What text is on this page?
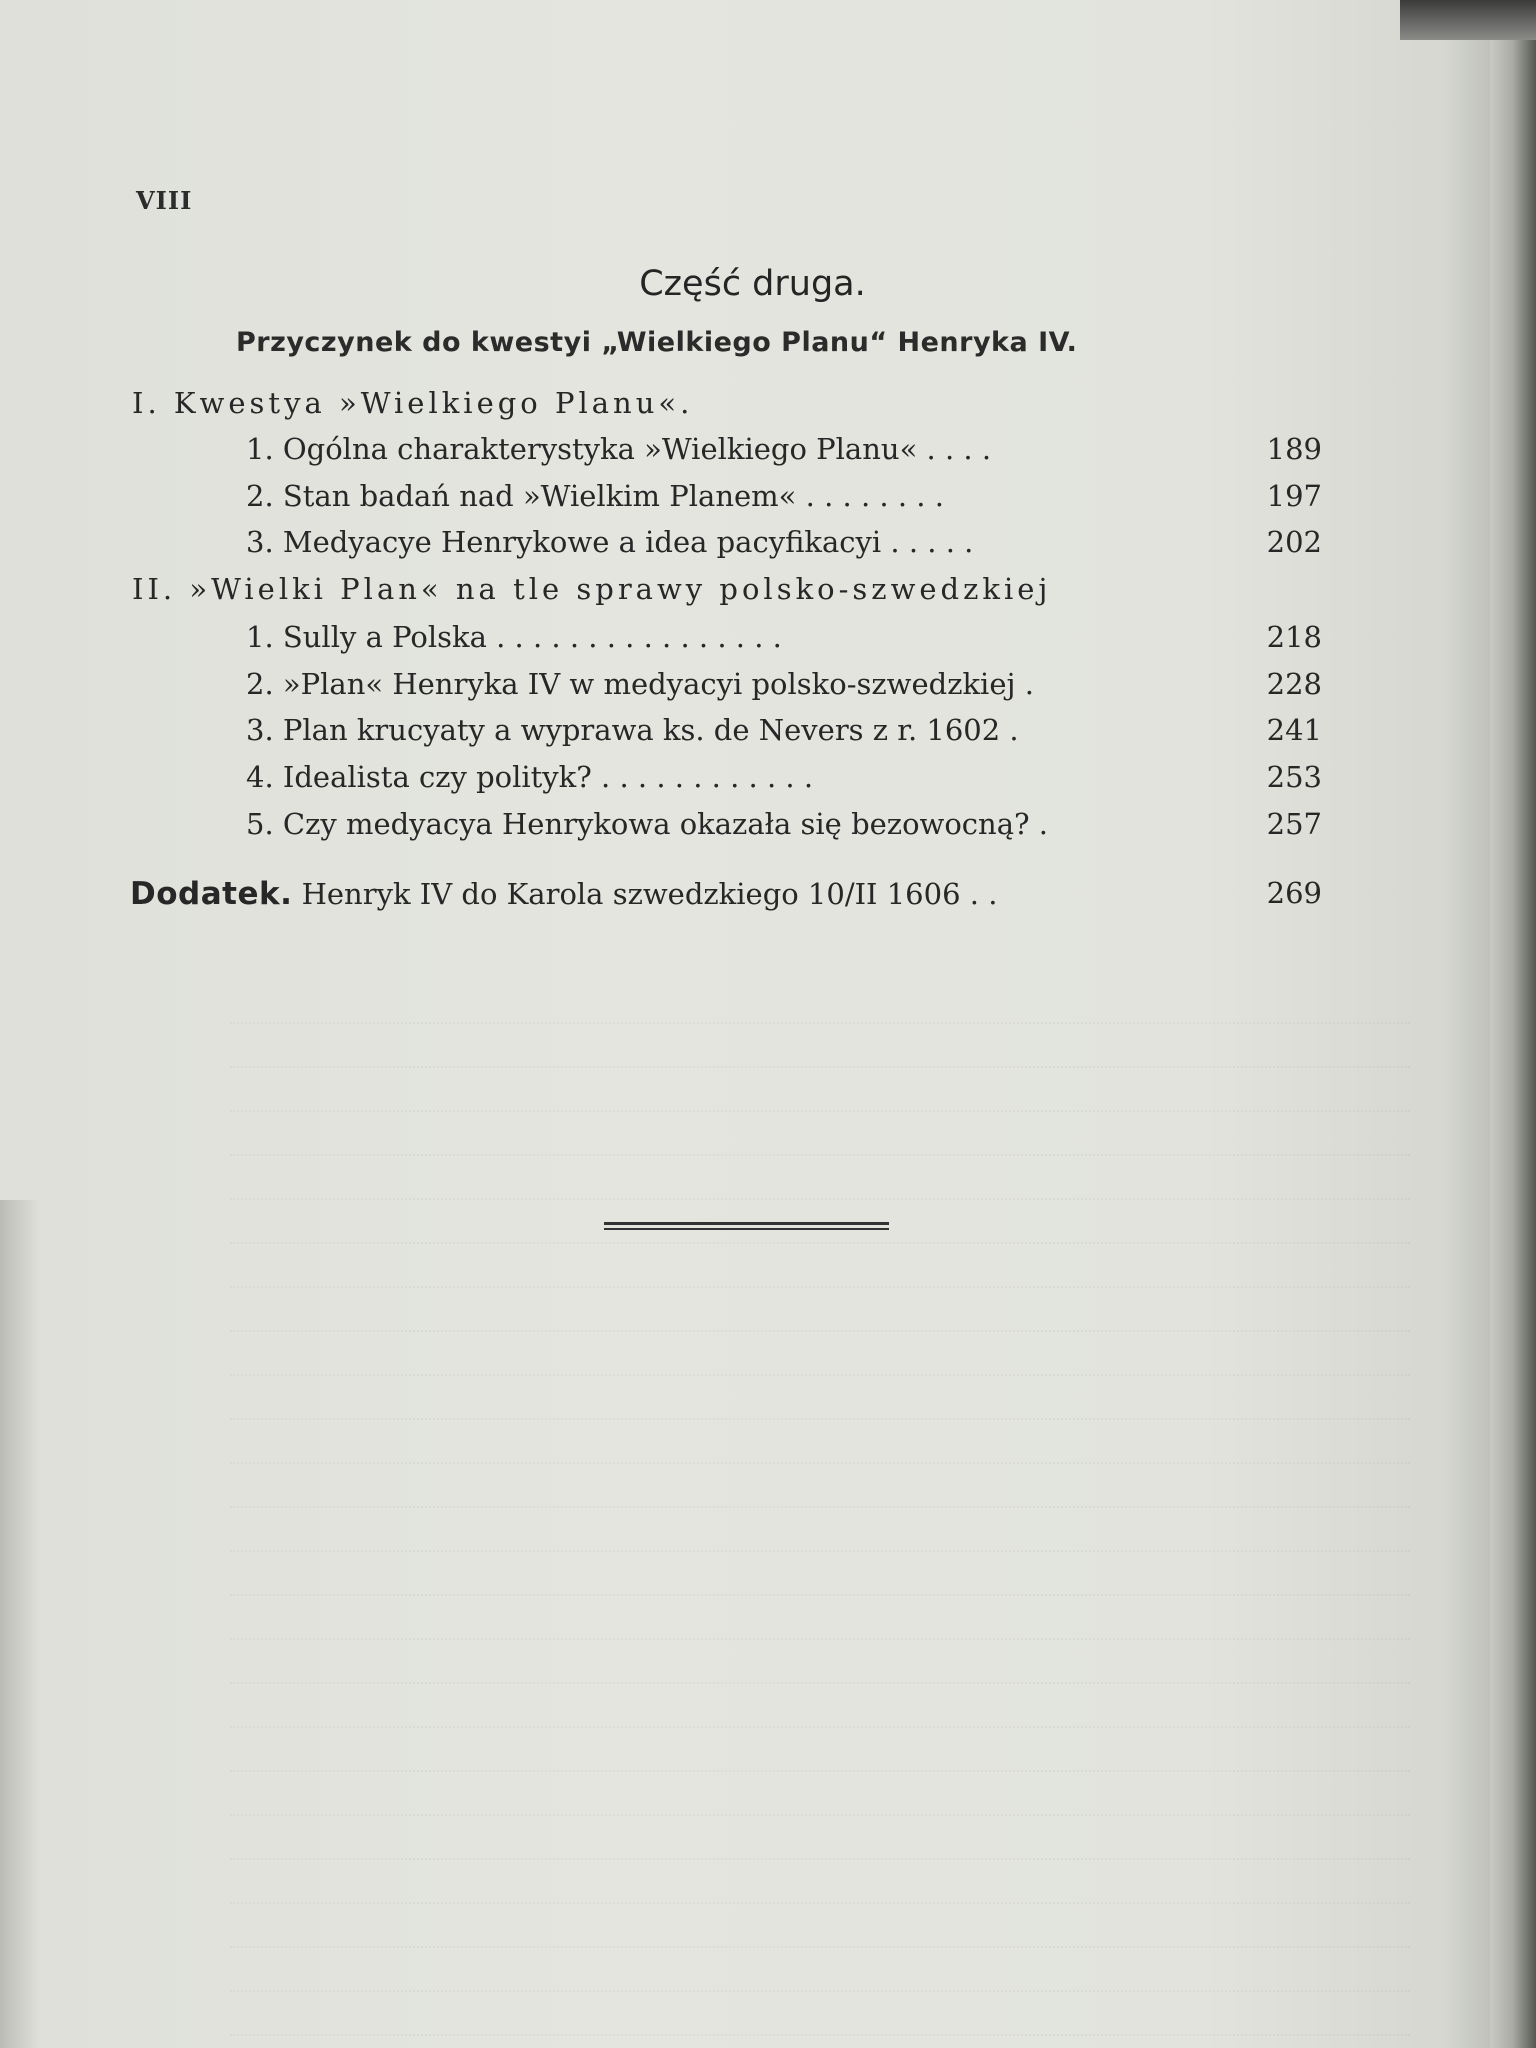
VIII
Część druga.
Przyczynek do kwestyi „Wielkiego Planu“ Henryka IV.
I. Kwestya »Wielkiego Planu«.
1. Ogólna charakterystyka »Wielkiego Planu« . . . .	189
2. Stan badań nad »Wielkim Planem« . . . . . . . .	197
3. Medyacye Henrykowe a idea pacyfikacyi . . . . .	202
II. »Wielki Plan« na tle sprawy polsko-szwedzkiej
1. Sully a Polska . . . . . . . . . . . . . . . .	218
2. »Plan« Henryka IV w medyacyi polsko-szwedzkiej .	228
3. Plan krucyaty a wyprawa ks. de Nevers z r. 1602 .	241
4. Idealista czy polityk? . . . . . . . . . . . .	253
5. Czy medyacya Henrykowa okazała się bezowocną? .	257
Dodatek. Henryk IV do Karola szwedzkiego 10/II 1606 . .	269
